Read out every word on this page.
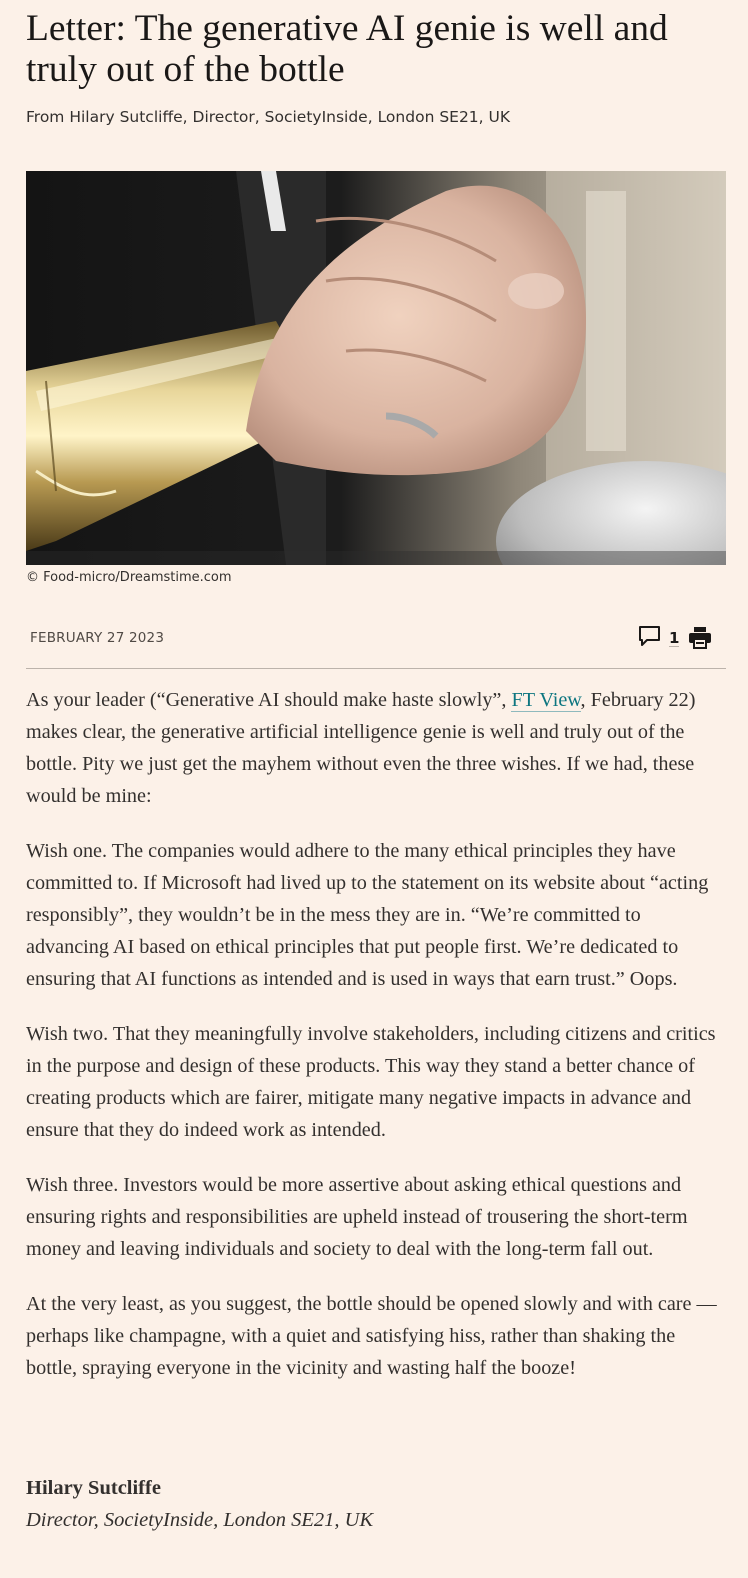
Letter: The generative AI genie is well and truly out of the bottle

From Hilary Sutcliffe, Director, SocietyInside, London SE21, UK

© Food-micro/Dreamstime.com
FEBRUARY 27 2023	1

As your leader (“Generative AI should make haste slowly”, FT View, February 22) makes clear, the generative artificial intelligence genie is well and truly out of the bottle. Pity we just get the mayhem without even the three wishes. If we had, these would be mine:

Wish one. The companies would adhere to the many ethical principles they have committed to. If Microsoft had lived up to the statement on its website about “acting responsibly”, they wouldn’t be in the mess they are in. “We’re committed to advancing AI based on ethical principles that put people first. We’re dedicated to ensuring that AI functions as intended and is used in ways that earn trust.” Oops.

Wish two. That they meaningfully involve stakeholders, including citizens and critics in the purpose and design of these products. This way they stand a better chance of creating products which are fairer, mitigate many negative impacts in advance and ensure that they do indeed work as intended.

Wish three. Investors would be more assertive about asking ethical questions and ensuring rights and responsibilities are upheld instead of trousering the short-term money and leaving individuals and society to deal with the long-term fall out.

At the very least, as you suggest, the bottle should be opened slowly and with care — perhaps like champagne, with a quiet and satisfying hiss, rather than shaking the bottle, spraying everyone in the vicinity and wasting half the booze!

Hilary Sutcliffe
Director, SocietyInside, London SE21, UK
